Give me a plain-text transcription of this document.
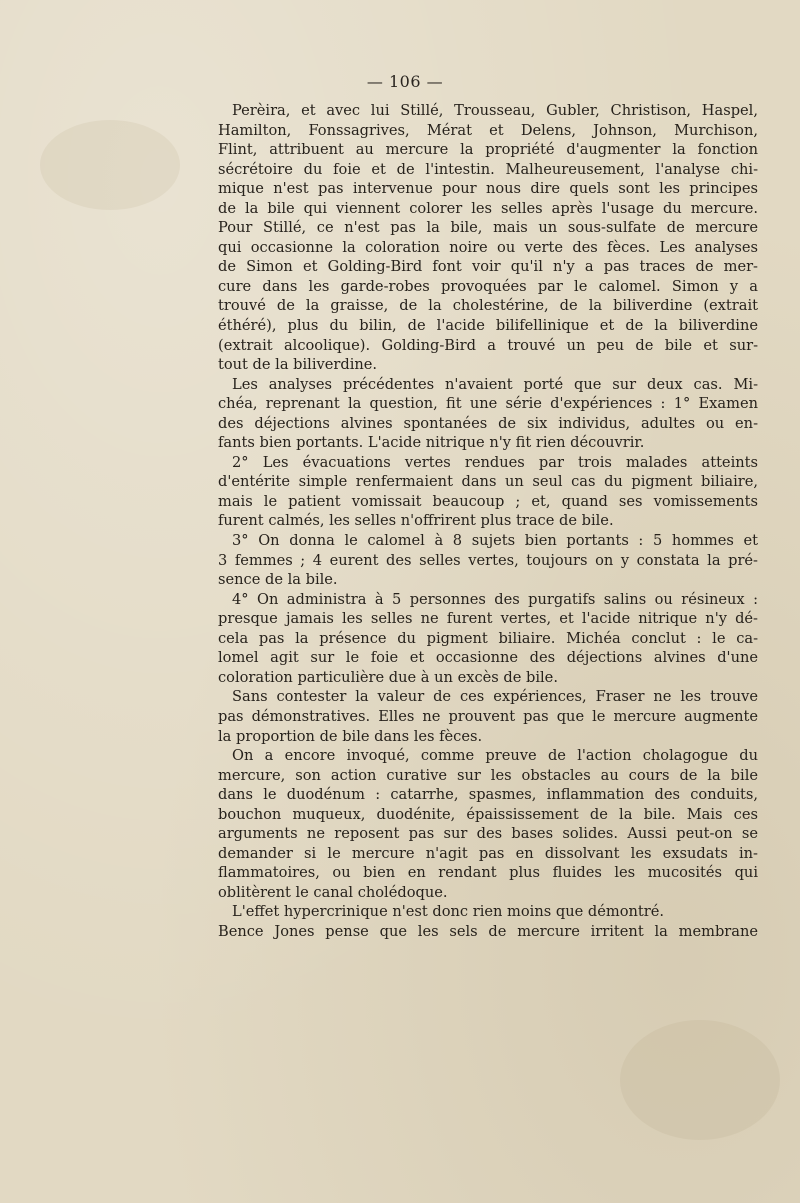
— 106 —
Perèira, et avec lui Stillé, Trousseau, Gubler, Christison, Haspel,
Hamilton, Fonssagrives, Mérat et Delens, Johnson, Murchison,
Flint, attribuent au mercure la propriété d'augmenter la fonction
sécrétoire du foie et de l'intestin. Malheureusement, l'analyse chi-
mique n'est pas intervenue pour nous dire quels sont les principes
de la bile qui viennent colorer les selles après l'usage du mercure.
Pour Stillé, ce n'est pas la bile, mais un sous-sulfate de mercure
qui occasionne la coloration noire ou verte des fèces. Les analyses
de Simon et Golding-Bird font voir qu'il n'y a pas traces de mer-
cure dans les garde-robes provoquées par le calomel. Simon y a
trouvé de la graisse, de la cholestérine, de la biliverdine (extrait
éthéré), plus du bilin, de l'acide bilifellinique et de la biliverdine
(extrait alcoolique). Golding-Bird a trouvé un peu de bile et sur-
tout de la biliverdine.
Les analyses précédentes n'avaient porté que sur deux cas. Mi-
chéa, reprenant la question, fit une série d'expériences : 1° Examen
des déjections alvines spontanées de six individus, adultes ou en-
fants bien portants. L'acide nitrique n'y fit rien découvrir.
2° Les évacuations vertes rendues par trois malades atteints
d'entérite simple renfermaient dans un seul cas du pigment biliaire,
mais le patient vomissait beaucoup ; et, quand ses vomissements
furent calmés, les selles n'offrirent plus trace de bile.
3° On donna le calomel à 8 sujets bien portants : 5 hommes et
3 femmes ; 4 eurent des selles vertes, toujours on y constata la pré-
sence de la bile.
4° On administra à 5 personnes des purgatifs salins ou résineux :
presque jamais les selles ne furent vertes, et l'acide nitrique n'y dé-
cela pas la présence du pigment biliaire. Michéa conclut : le ca-
lomel agit sur le foie et occasionne des déjections alvines d'une
coloration particulière due à un excès de bile.
Sans contester la valeur de ces expériences, Fraser ne les trouve
pas démonstratives. Elles ne prouvent pas que le mercure augmente
la proportion de bile dans les fèces.
On a encore invoqué, comme preuve de l'action cholagogue du
mercure, son action curative sur les obstacles au cours de la bile
dans le duodénum : catarrhe, spasmes, inflammation des conduits,
bouchon muqueux, duodénite, épaississement de la bile. Mais ces
arguments ne reposent pas sur des bases solides. Aussi peut-on se
demander si le mercure n'agit pas en dissolvant les exsudats in-
flammatoires, ou bien en rendant plus fluides les mucosités qui
oblitèrent le canal cholédoque.
L'effet hypercrinique n'est donc rien moins que démontré.
Bence Jones pense que les sels de mercure irritent la membrane
